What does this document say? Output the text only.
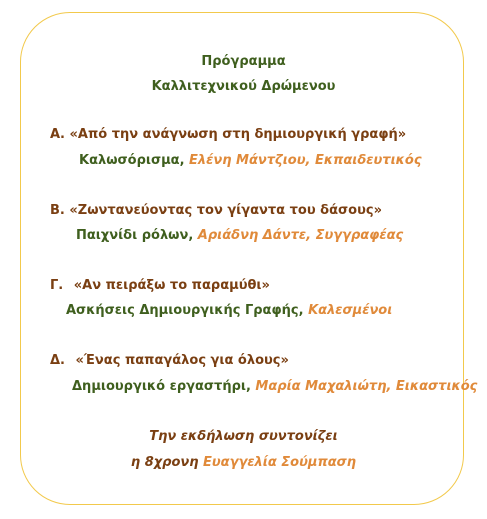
Πρόγραμμα
Καλλιτεχνικού Δρώμενου
Α. «Από την ανάγνωση στη δημιουργική γραφή»
Καλωσόρισμα, Ελένη Μάντζιου, Εκπαιδευτικός
Β. «Ζωντανεύοντας τον γίγαντα του δάσους»
Παιχνίδι ρόλων, Αριάδνη Δάντε, Συγγραφέας
Γ. «Αν πειράξω το παραμύθι»
Ασκήσεις Δημιουργικής Γραφής, Καλεσμένοι
Δ. «Ένας παπαγάλος για όλους»
Δημιουργικό εργαστήρι, Μαρία Μαχαλιώτη, Εικαστικός
Την εκδήλωση συντονίζει
η 8χρονη Ευαγγελία Σούμπαση
